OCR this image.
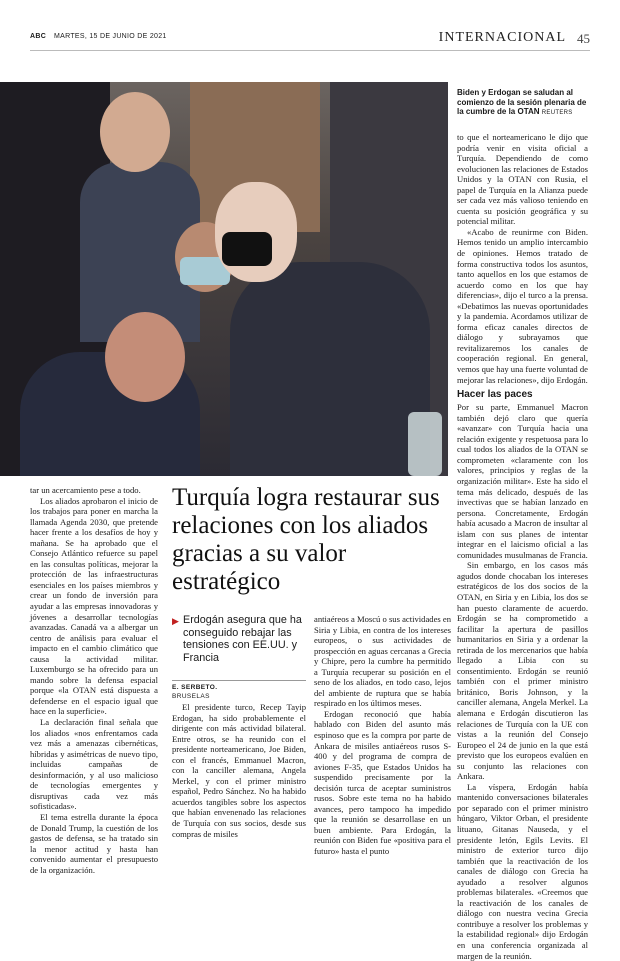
ABC MARTES, 15 DE JUNIO DE 2021	INTERNACIONAL 45
Biden y Erdogan se saludan al comienzo de la sesión plenaria de la cumbre de la OTAN REUTERS

to que el norteamericano le dijo que podría venir en visita oficial a Turquía. Dependiendo de como evolucionen las relaciones de Estados Unidos y la OTAN con Rusia, el papel de Turquía en la Alianza puede ser cada vez más valioso teniendo en cuenta su posición geográfica y su potencial militar.

«Acabo de reunirme con Biden. Hemos tenido un amplio intercambio de opiniones. Hemos tratado de forma constructiva todos los asuntos, tanto aquellos en los que estamos de acuerdo como en los que hay diferencias», dijo el turco a la prensa. «Debatimos las nuevas oportunidades y la pandemia. Acordamos utilizar de forma eficaz canales directos de diálogo y subrayamos que revitalizaremos los canales de cooperación regional. En general, vemos que hay una fuerte voluntad de mejorar las relaciones», dijo Erdogán.

Hacer las paces

Por su parte, Emmanuel Macron también dejó claro que quería «avanzar» con Turquía hacia una relación exigente y respetuosa para lo cual todos los aliados de la OTAN se comprometen «claramente con los valores, principios y reglas de la organización militar». Este ha sido el tema más delicado, después de las invectivas que se habían lanzado en persona. Concretamente, Erdogán había acusado a Macron de insultar al islam con sus planes de intentar integrar en el laicismo oficial a las comunidades musulmanas de Francia.

Sin embargo, en los casos más agudos donde chocaban los intereses estratégicos de los dos socios de la OTAN, en Siria y en Libia, los dos se han puesto claramente de acuerdo. Erdogán se ha comprometido a facilitar la apertura de pasillos humanitarios en Siria y a ordenar la retirada de los mercenarios que había llegado a Libia con su consentimiento. Erdogán se reunió también con el primer ministro británico, Boris Johnson, y la canciller alemana, Angela Merkel. La alemana e Erdogán discutieron las relaciones de Turquía con la UE con vistas a la reunión del Consejo Europeo el 24 de junio en la que está previsto que los europeos evalúen en su conjunto las relaciones con Ankara.

La víspera, Erdogán había mantenido conversaciones bilaterales por separado con el primer ministro húngaro, Viktor Orban, el presidente lituano, Gitanas Nauseda, y el presidente letón, Egils Levits. El ministro de exterior turco dijo también que la reactivación de los canales de diálogo con Grecia ha ayudado a resolver algunos problemas bilaterales. «Creemos que la reactivación de los canales de diálogo con nuestra vecina Grecia contribuye a resolver los problemas y la estabilidad regional» dijo Erdogán en una conferencia organizada al margen de la reunión.

tar un acercamiento pese a todo.

Los aliados aprobaron el inicio de los trabajos para poner en marcha la llamada Agenda 2030, que pretende hacer frente a los desafíos de hoy y mañana. Se ha aprobado que el Consejo Atlántico refuerce su papel en las consultas políticas, mejorar la protección de las infraestructuras esenciales en los países miembros y crear un fondo de inversión para ayudar a las empresas innovadoras y jóvenes a desarrollar tecnologías avanzadas. Canadá va a albergar un centro de análisis para evaluar el impacto en el cambio climático que causa la actividad militar. Luxemburgo se ha ofrecido para un mando sobre la defensa espacial porque «la OTAN está dispuesta a defenderse en el espacio igual que hace en la superficie».

La declaración final señala que los aliados «nos enfrentamos cada vez más a amenazas cibernéticas, híbridas y asimétricas de nuevo tipo, incluidas campañas de desinformación, y al uso malicioso de tecnologías emergentes y disruptivas cada vez más sofisticadas».

El tema estrella durante la época de Donald Trump, la cuestión de los gastos de defensa, se ha tratado sin la menor actitud y hasta han convenido aumentar el presupuesto de la organización.

Turquía logra restaurar sus relaciones con los aliados gracias a su valor estratégico
▶ Erdogán asegura que ha conseguido rebajar las tensiones con EE.UU. y Francia
E. SERBETO.
BRUSELAS

El presidente turco, Recep Tayip Erdogan, ha sido probablemente el dirigente con más actividad bilateral. Entre otros, se ha reunido con el presidente norteamericano, Joe Biden, con el francés, Emmanuel Macron, con la canciller alemana, Angela Merkel, y con el primer ministro español, Pedro Sánchez. No ha habido acuerdos tangibles sobre los aspectos que habían envenenado las relaciones de Turquía con sus socios, desde sus compras de misiles

antiaéreos a Moscú o sus actividades en Siria y Libia, en contra de los intereses europeos, o sus actividades de prospección en aguas cercanas a Grecia y Chipre, pero la cumbre ha permitido a Turquía recuperar su posición en el seno de los aliados, en todo caso, lejos del ambiente de ruptura que se había respirado en los últimos meses.

Erdogan reconoció que había hablado con Biden del asunto más espinoso que es la compra por parte de Ankara de misiles antiaéreos rusos S-400 y del programa de compra de aviones F-35, que Estados Unidos ha suspendido precisamente por la decisión turca de aceptar suministros rusos. Sobre este tema no ha habido avances, pero tampoco ha impedido que la reunión se desarrollase en un buen ambiente. Para Erdogán, la reunión con Biden fue «positiva para el futuro» hasta el punto
